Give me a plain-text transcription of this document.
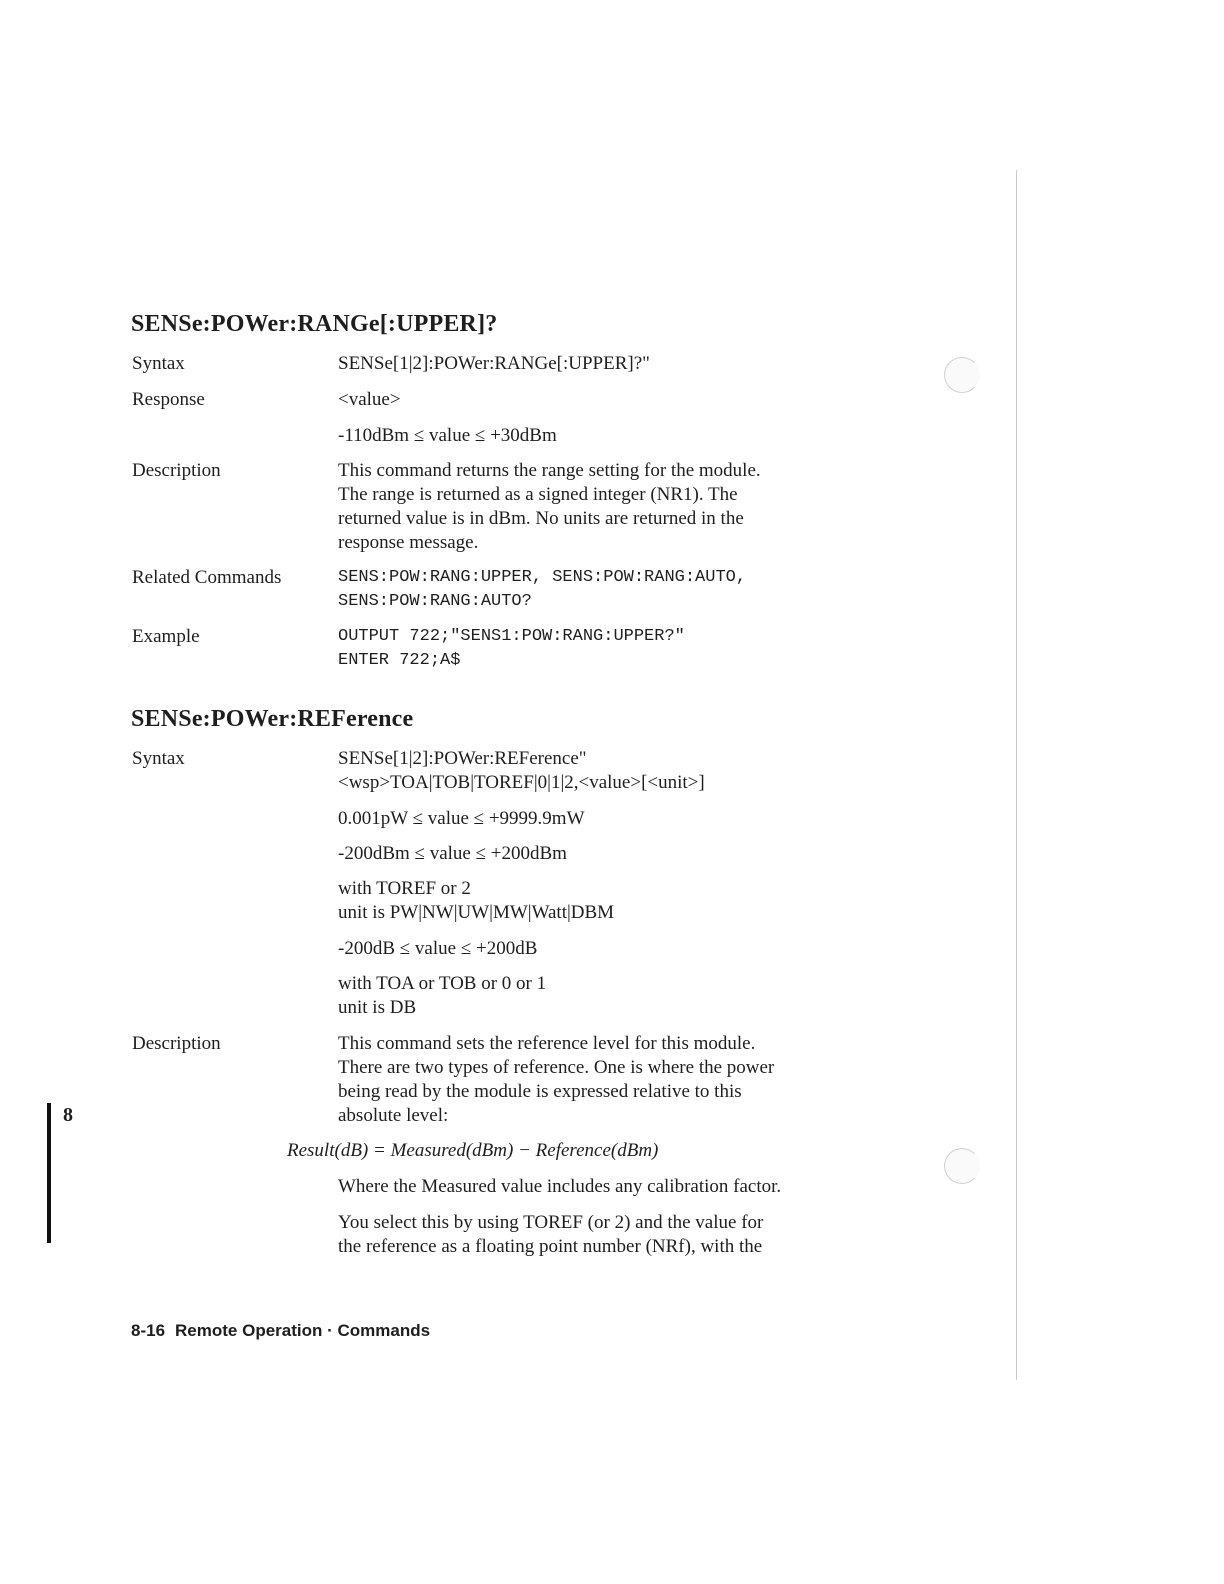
SENSe:POWer:RANGe[:UPPER]?
Syntax	SENSe[1|2]:POWer:RANGe[:UPPER]?"
Response	<value>
-110dBm ≤ value ≤ +30dBm
Description	This command returns the range setting for the module.
The range is returned as a signed integer (NR1). The
returned value is in dBm. No units are returned in the
response message.
Related Commands	SENS:POW:RANG:UPPER, SENS:POW:RANG:AUTO,
SENS:POW:RANG:AUTO?
Example	OUTPUT 722;"SENS1:POW:RANG:UPPER?"
ENTER 722;A$
SENSe:POWer:REFerence
Syntax	SENSe[1|2]:POWer:REFerence"
<wsp>TOA|TOB|TOREF|0|1|2,<value>[<unit>]
0.001pW ≤ value ≤ +9999.9mW
-200dBm ≤ value ≤ +200dBm
with TOREF or 2
unit is PW|NW|UW|MW|Watt|DBM
-200dB ≤ value ≤ +200dB
with TOA or TOB or 0 or 1
unit is DB
Description	This command sets the reference level for this module.
There are two types of reference. One is where the power
being read by the module is expressed relative to this
absolute level:
Result(dB) = Measured(dBm) − Reference(dBm)
Where the Measured value includes any calibration factor.
You select this by using TOREF (or 2) and the value for
the reference as a floating point number (NRf), with the
8
8-16 Remote Operation · Commands
